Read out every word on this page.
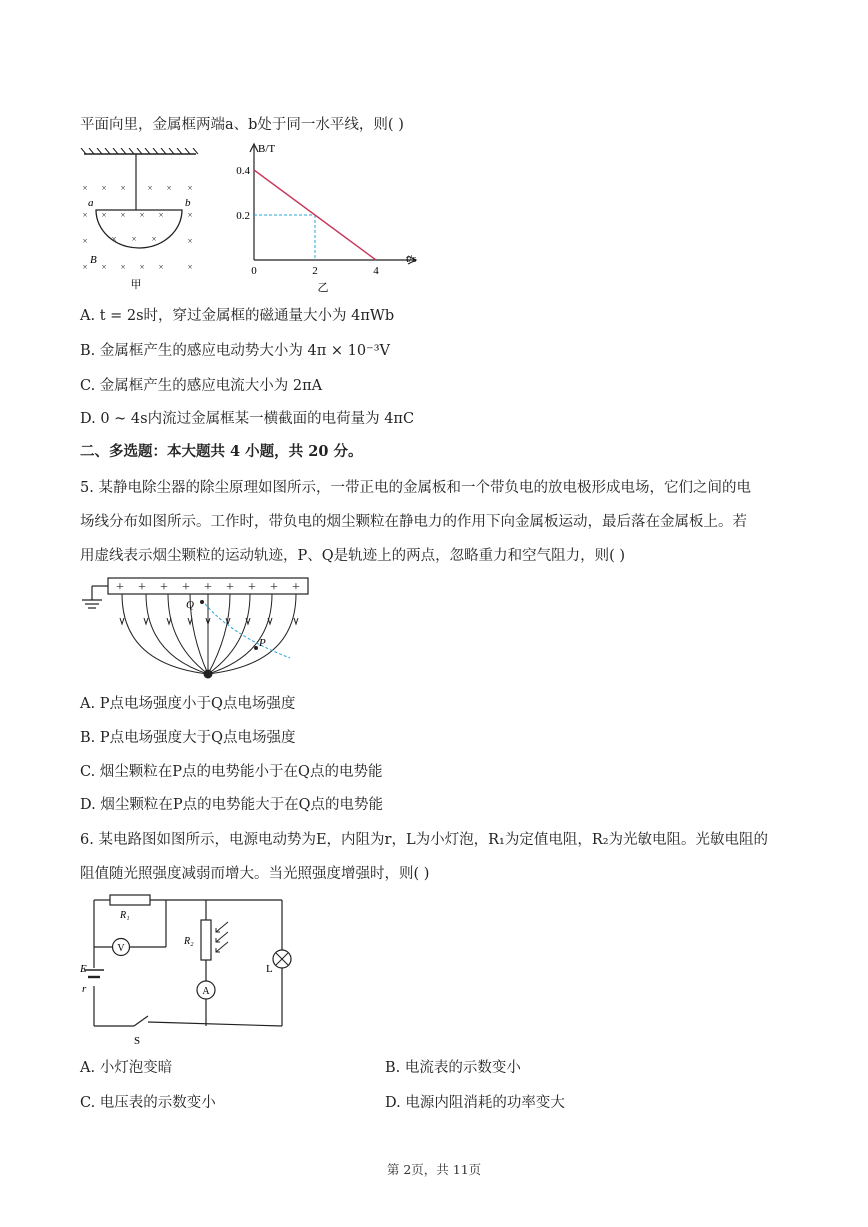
平面向里，金属框两端a、b处于同一水平线，则( )
× × × × × ×
× × × × ×	×
×	× × ×	×
× × × × ×	×
a	b
B
甲
B/T
t/s
0.4
0.2
0	2	4
乙
A. t = 2s时，穿过金属框的磁通量大小为 4πWb
B. 金属框产生的感应电动势大小为 4π × 10⁻³V
C. 金属框产生的感应电流大小为 2πA
D. 0 ~ 4s内流过金属框某一横截面的电荷量为 4πC
二、多选题：本大题共 4 小题，共 20 分。
5. 某静电除尘器的除尘原理如图所示，一带正电的金属板和一个带负电的放电极形成电场，它们之间的电
场线分布如图所示。工作时，带负电的烟尘颗粒在静电力的作用下向金属板运动，最后落在金属板上。若
用虚线表示烟尘颗粒的运动轨迹，P、Q是轨迹上的两点，忽略重力和空气阻力，则( )
+ + + + + + + + +
Q
P
A. P点电场强度小于Q点电场强度
B. P点电场强度大于Q点电场强度
C. 烟尘颗粒在P点的电势能小于在Q点的电势能
D. 烟尘颗粒在P点的电势能大于在Q点的电势能
6. 某电路图如图所示，电源电动势为E，内阻为r，L为小灯泡，R₁为定值电阻，R₂为光敏电阻。光敏电阻的
阻值随光照强度减弱而增大。当光照强度增强时，则( )
R₁
V
R₂
A
L
E
r
S
A. 小灯泡变暗	B. 电流表的示数变小
C. 电压表的示数变小	D. 电源内阻消耗的功率变大
第 2页，共 11页
